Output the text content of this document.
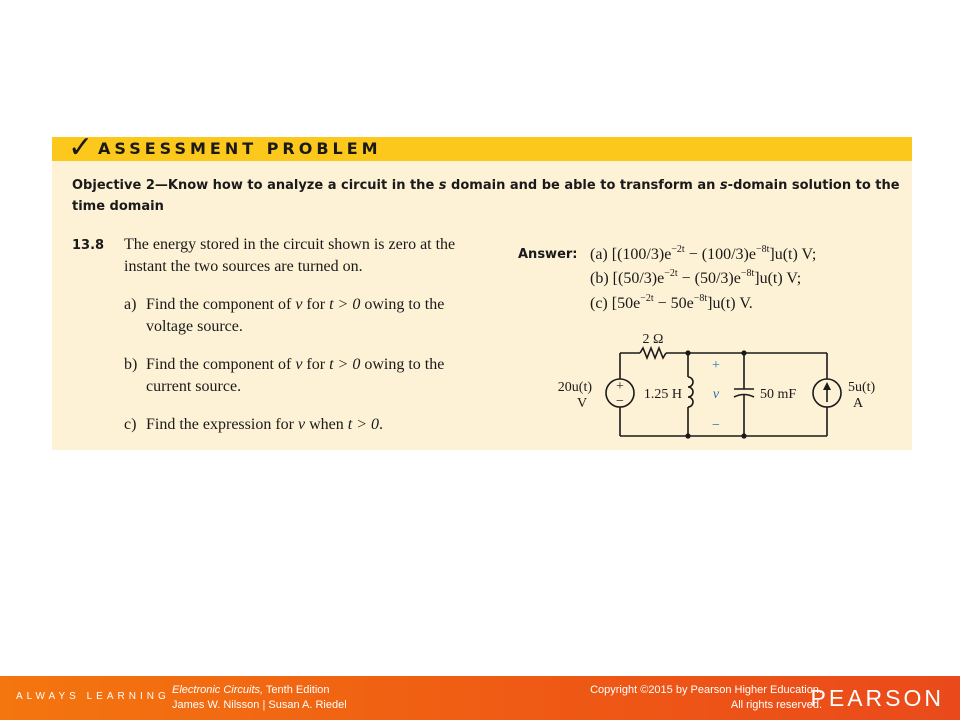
✓ ASSESSMENT PROBLEM
Objective 2—Know how to analyze a circuit in the s domain and be able to transform an s-domain solution to the time domain
13.8 The energy stored in the circuit shown is zero at the instant the two sources are turned on.
a) Find the component of v for t > 0 owing to the voltage source.
b) Find the component of v for t > 0 owing to the current source.
c) Find the expression for v when t > 0.
Answer: (a) $[(100/3)e^{-2t} - (100/3)e^{-8t}]u(t)$ V;
(b) $[(50/3)e^{-2t} - (50/3)e^{-8t}]u(t)$ V;
(c) $[50e^{-2t} - 50e^{-8t}]u(t)$ V.
2 Ω
+
−
20u(t)
V
1.25 H
+
v
−
50 mF	5u(t)
A
ALWAYS LEARNING
Electronic Circuits, Tenth Edition
James W. Nilsson | Susan A. Riedel
Copyright ©2015 by Pearson Higher Education.
All rights reserved.
PEARSON
